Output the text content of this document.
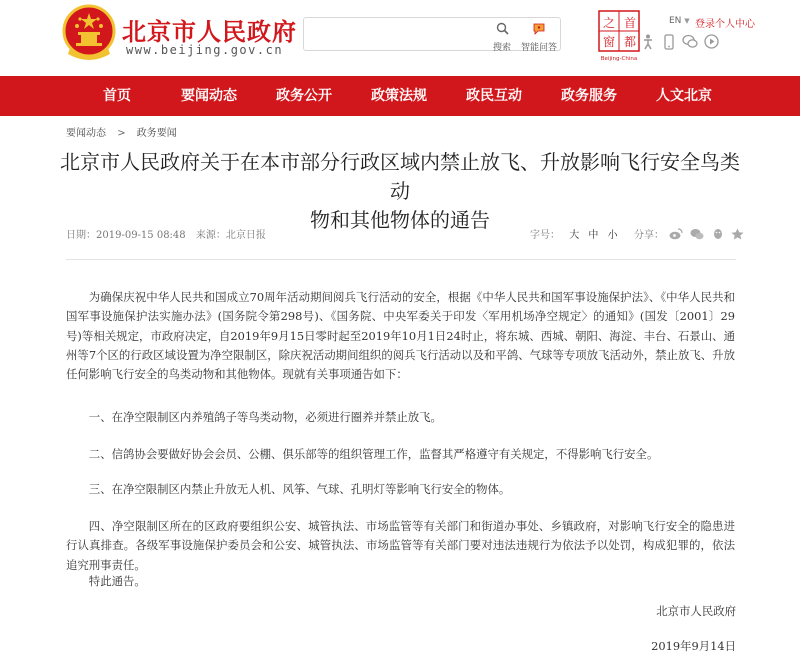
北京市人民政府
www.beijing.gov.cn	搜索	智能问答
首
都
之
窗
Beijing-China
EN ▼ 登录个人中心
首页	要闻动态	政务公开	政策法规	政民互动	政务服务	人文北京
要闻动态 > 政务要闻
北京市人民政府关于在本市部分行政区域内禁止放飞、升放影响飞行安全鸟类动
物和其他物体的通告
日期：2019-09-15 08:48 来源：北京日报	字号： 大 中 小 分享：

为确保庆祝中华人民共和国成立70周年活动期间阅兵飞行活动的安全，根据《中华人民共和国军事设施保护法》、《中华人民共和国军事设施保护法实施办法》(国务院令第298号)、《国务院、中央军委关于印发〈军用机场净空规定〉的通知》(国发〔2001〕29号)等相关规定，市政府决定，自2019年9月15日零时起至2019年10月1日24时止，将东城、西城、朝阳、海淀、丰台、石景山、通州等7个区的行政区域设置为净空限制区，除庆祝活动期间组织的阅兵飞行活动以及和平鸽、气球等专项放飞活动外，禁止放飞、升放任何影响飞行安全的鸟类动物和其他物体。现就有关事项通告如下：

一、在净空限制区内养殖鸽子等鸟类动物，必须进行圈养并禁止放飞。

二、信鸽协会要做好协会会员、公棚、俱乐部等的组织管理工作，监督其严格遵守有关规定，不得影响飞行安全。

三、在净空限制区内禁止升放无人机、风筝、气球、孔明灯等影响飞行安全的物体。

四、净空限制区所在的区政府要组织公安、城管执法、市场监管等有关部门和街道办事处、乡镇政府，对影响飞行安全的隐患进行认真排查。各级军事设施保护委员会和公安、城管执法、市场监管等有关部门要对违法违规行为依法予以处罚，构成犯罪的，依法追究刑事责任。

特此通告。

北京市人民政府
2019年9月14日
